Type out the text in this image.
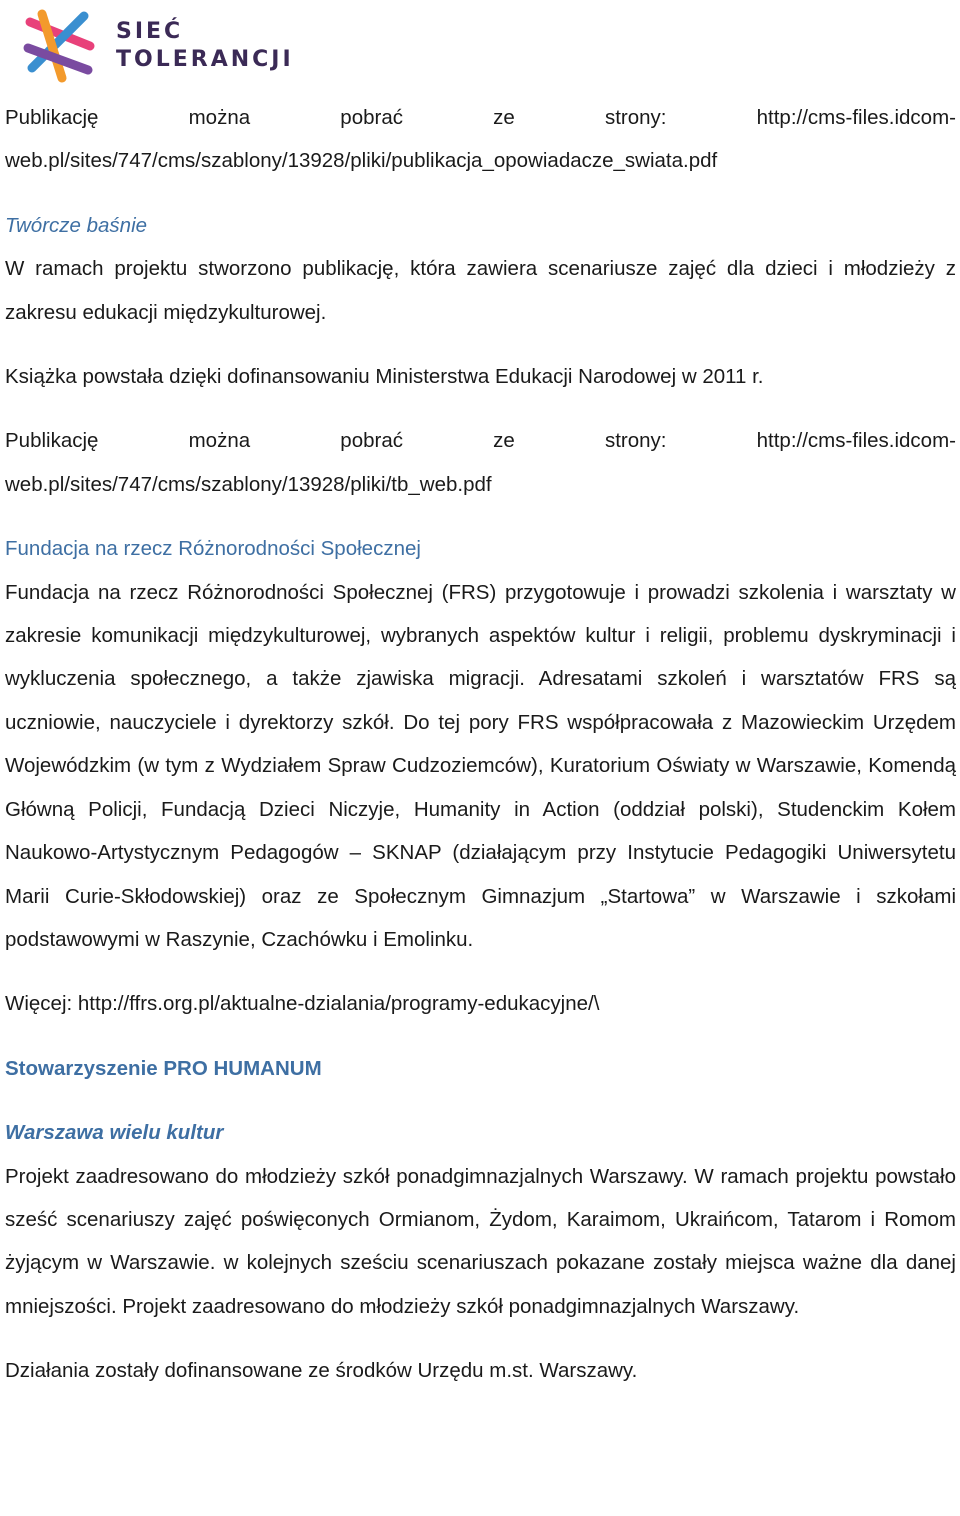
SIEĆ
TOLERANCJI

Publikację	można	pobrać	ze	strony:	http://cms-files.idcom-

web.pl/sites/747/cms/szablony/13928/pliki/publikacja_opowiadacze_swiata.pdf

Twórcze baśnie

W ramach projektu stworzono publikację, która zawiera scenariusze zajęć dla dzieci i młodzieży z zakresu edukacji międzykulturowej.

Książka powstała dzięki dofinansowaniu Ministerstwa Edukacji Narodowej w 2011 r.

Publikację	można	pobrać	ze	strony:	http://cms-files.idcom-

web.pl/sites/747/cms/szablony/13928/pliki/tb_web.pdf

Fundacja na rzecz Różnorodności Społecznej

Fundacja na rzecz Różnorodności Społecznej (FRS) przygotowuje i prowadzi szkolenia i warsztaty w zakresie komunikacji międzykulturowej, wybranych aspektów kultur i religii, problemu dyskryminacji i wykluczenia społecznego, a także zjawiska migracji. Adresatami szkoleń i warsztatów FRS są uczniowie, nauczyciele i dyrektorzy szkół. Do tej pory FRS współpracowała z Mazowieckim Urzędem Wojewódzkim (w tym z Wydziałem Spraw Cudzoziemców), Kuratorium Oświaty w Warszawie, Komendą Główną Policji, Fundacją Dzieci Niczyje, Humanity in Action (oddział polski), Studenckim Kołem Naukowo-Artystycznym Pedagogów – SKNAP (działającym przy Instytucie Pedagogiki Uniwersytetu Marii Curie-Skłodowskiej) oraz ze Społecznym Gimnazjum „Startowa” w Warszawie i szkołami podstawowymi w Raszynie, Czachówku i Emolinku.

Więcej: http://ffrs.org.pl/aktualne-dzialania/programy-edukacyjne/\

Stowarzyszenie PRO HUMANUM

Warszawa wielu kultur

Projekt zaadresowano do młodzieży szkół ponadgimnazjalnych Warszawy. W ramach projektu powstało sześć scenariuszy zajęć poświęconych Ormianom, Żydom, Karaimom, Ukraińcom, Tatarom i Romom żyjącym w Warszawie. w kolejnych sześciu scenariuszach pokazane zostały miejsca ważne dla danej mniejszości. Projekt zaadresowano do młodzieży szkół ponadgimnazjalnych Warszawy.

Działania zostały dofinansowane ze środków Urzędu m.st. Warszawy.
